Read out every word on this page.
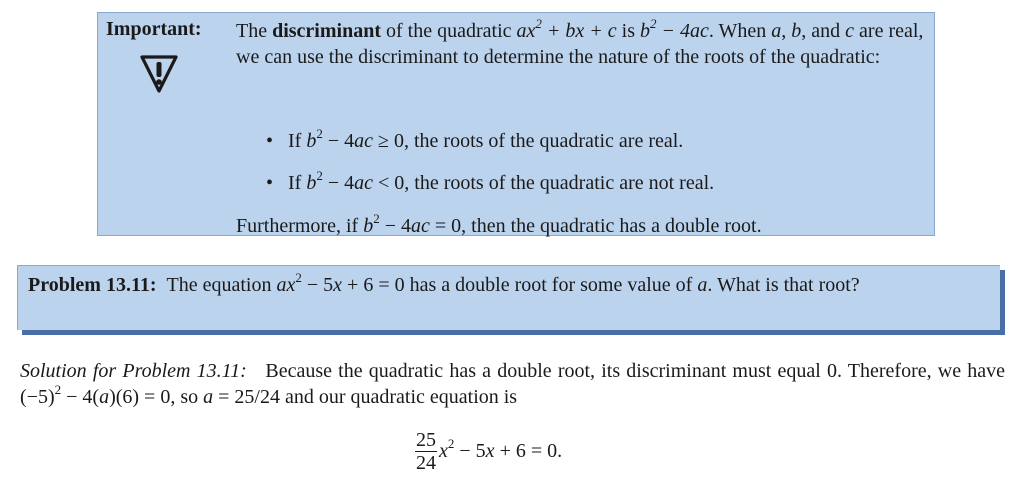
Important: The discriminant of the quadratic $ax^2$ + bx + c is $b^2 - 4ac$. When a, b, and c are real, we can use the discriminant to determine the nature of the roots of the quadratic:

• If $b^2 - 4ac \ge 0$, the roots of the quadratic are real.
• If $b^2 - 4ac < 0$, the roots of the quadratic are not real.
Furthermore, if $b^2 - 4ac = 0$, then the quadratic has a double root.
Problem 13.11: The equation $ax^2 - 5x + 6 = 0$ has a double root for some value of a. What is that root?

Solution for Problem 13.11: Because the quadratic has a double root, its discriminant must equal 0. Therefore, we have $(-5)^2 - 4(a)(6) = 0$, so a = 25/24 and our quadratic equation is

$\frac{25}{24} x^2 - 5x + 6 = 0$.
